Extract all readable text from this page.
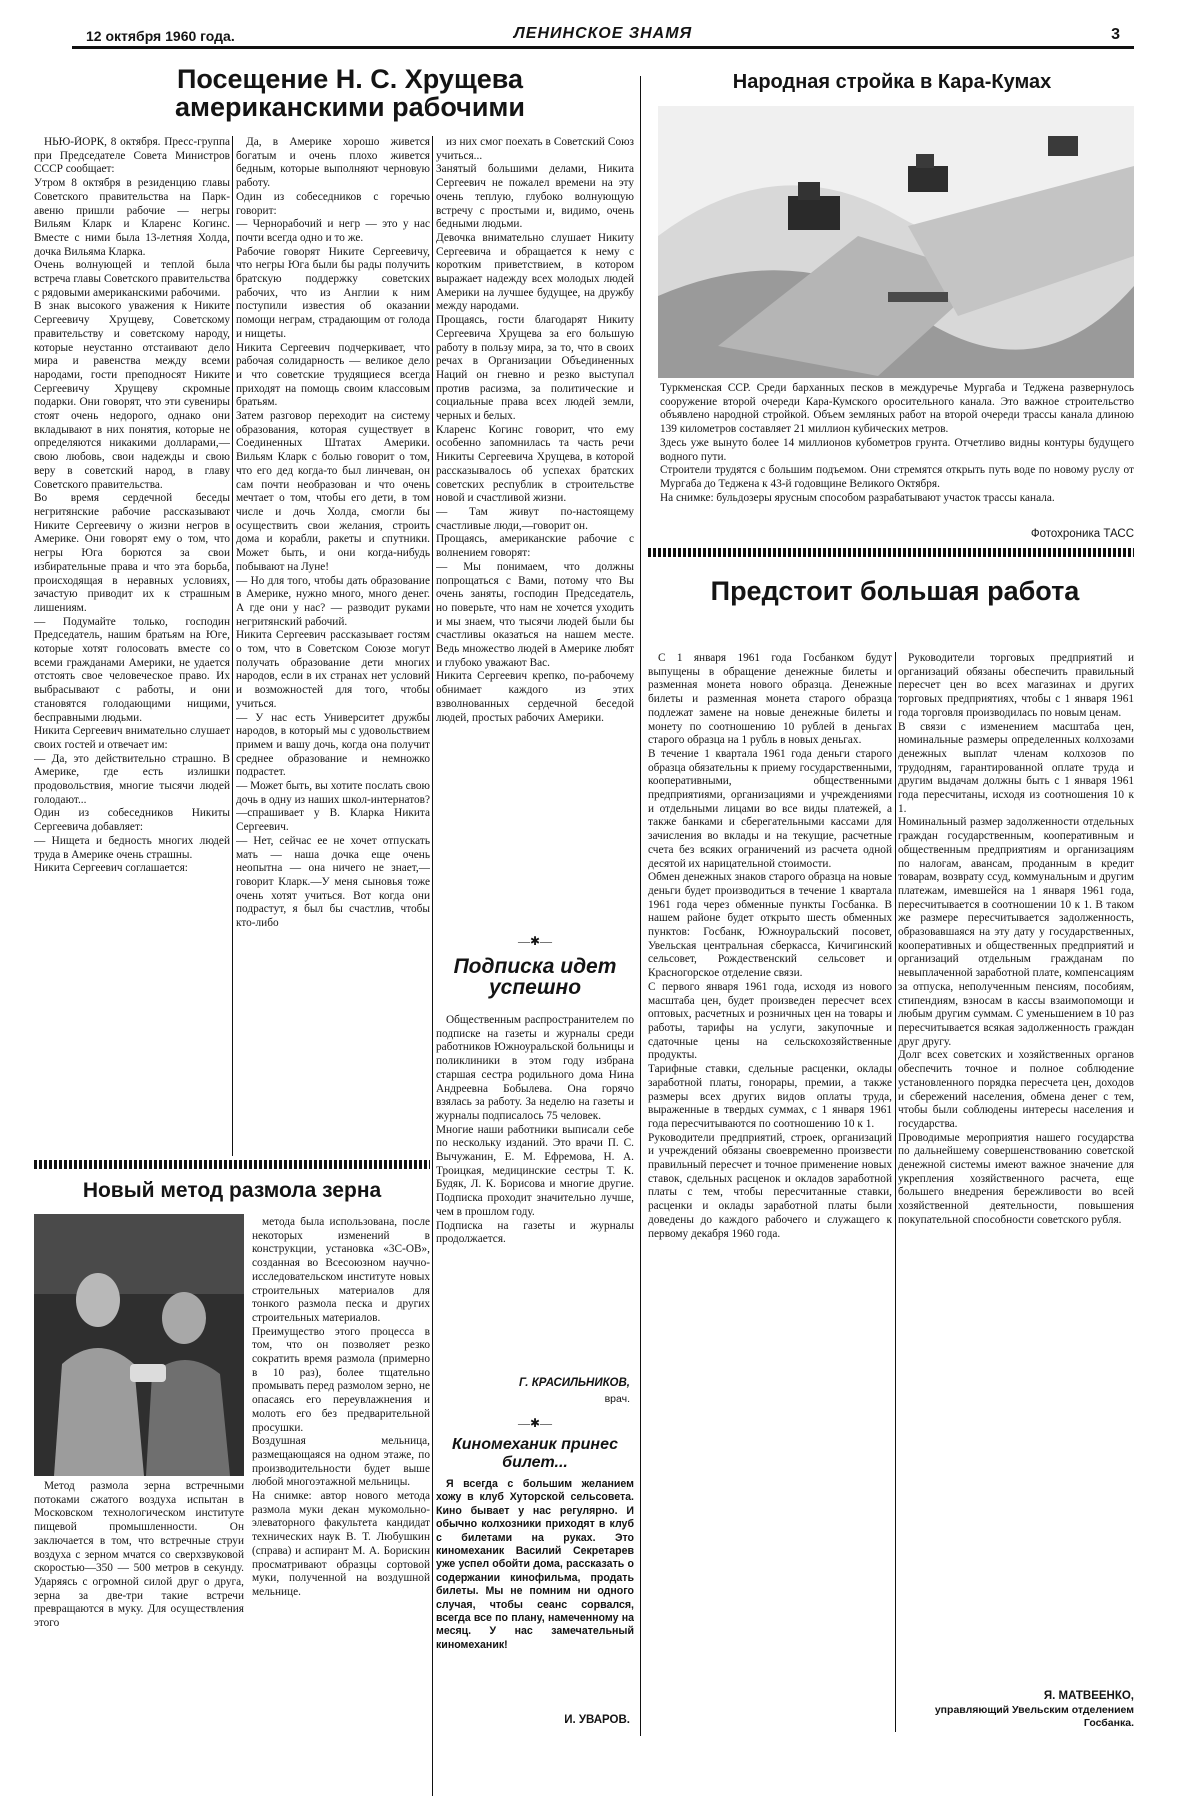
12 октября 1960 года.	ЛЕНИНСКОЕ ЗНАМЯ	3
Посещение Н. С. Хрущева американскими рабочими

НЬЮ-ЙОРК, 8 октября. Пресс-группа при Председателе Совета Министров СССР сообщает:
Утром 8 октября в резиденцию главы Советского правительства на Парк-авеню пришли рабочие — негры Вильям Кларк и Кларенс Когинс. Вместе с ними была 13-летняя Холда, дочка Вильяма Кларка.
Очень волнующей и теплой была встреча главы Советского правительства с рядовыми американскими рабочими.
В знак высокого уважения к Никите Сергеевичу Хрущеву, Советскому правительству и советскому народу, которые неустанно отстаивают дело мира и равенства между всеми народами, гости преподносят Никите Сергеевичу Хрущеву скромные подарки. Они говорят, что эти сувениры стоят очень недорого, однако они вкладывают в них понятия, которые не определяются никакими долларами,—свою любовь, свои надежды и свою веру в советский народ, в главу Советского правительства.
Во время сердечной беседы негритянские рабочие рассказывают Никите Сергеевичу о жизни негров в Америке. Они говорят ему о том, что негры Юга борются за свои избирательные права и что эта борьба, происходящая в неравных условиях, зачастую приводит их к страшным лишениям.
— Подумайте только, господин Председатель, нашим братьям на Юге, которые хотят голосовать вместе со всеми гражданами Америки, не удается отстоять свое человеческое право. Их выбрасывают с работы, и они становятся голодающими нищими, бесправными людьми.
Никита Сергеевич внимательно слушает своих гостей и отвечает им:
— Да, это действительно страшно. В Америке, где есть излишки продовольствия, многие тысячи людей голодают...
Один из собеседников Никиты Сергеевича добавляет:
— Нищета и бедность многих людей труда в Америке очень страшны.
Никита Сергеевич соглашается:

Да, в Америке хорошо живется богатым и очень плохо живется бедным, которые выполняют черновую работу.
Один из собеседников с горечью говорит:
— Чернорабочий и негр — это у нас почти всегда одно и то же.
Рабочие говорят Никите Сергеевичу, что негры Юга были бы рады получить братскую поддержку советских рабочих, что из Англии к ним поступили известия об оказании помощи неграм, страдающим от голода и нищеты.
Никита Сергеевич подчеркивает, что рабочая солидарность — великое дело и что советские трудящиеся всегда приходят на помощь своим классовым братьям.
Затем разговор переходит на систему образования, которая существует в Соединенных Штатах Америки. Вильям Кларк с болью говорит о том, что его дед когда-то был линчеван, он сам почти необразован и что очень мечтает о том, чтобы его дети, в том числе и дочь Холда, смогли бы осуществить свои желания, строить дома и корабли, ракеты и спутники. Может быть, и они когда-нибудь побывают на Луне!
— Но для того, чтобы дать образование в Америке, нужно много, много денег. А где они у нас? — разводит руками негритянский рабочий.
Никита Сергеевич рассказывает гостям о том, что в Советском Союзе могут получать образование дети многих народов, если в их странах нет условий и возможностей для того, чтобы учиться.
— У нас есть Университет дружбы народов, в который мы с удовольствием примем и вашу дочь, когда она получит среднее образование и немножко подрастет.
— Может быть, вы хотите послать свою дочь в одну из наших школ-интернатов?—спрашивает у В. Кларка Никита Сергеевич.
— Нет, сейчас ее не хочет отпускать мать — наша дочка еще очень неопытна — она ничего не знает,—говорит Кларк.—У меня сыновья тоже очень хотят учиться. Вот когда они подрастут, я был бы счастлив, чтобы кто-либо

из них смог поехать в Советский Союз учиться...
Занятый большими делами, Никита Сергеевич не пожалел времени на эту очень теплую, глубоко волнующую встречу с простыми и, видимо, очень бедными людьми.
Девочка внимательно слушает Никиту Сергеевича и обращается к нему с коротким приветствием, в котором выражает надежду всех молодых людей Америки на лучшее будущее, на дружбу между народами.
Прощаясь, гости благодарят Никиту Сергеевича Хрущева за его большую работу в пользу мира, за то, что в своих речах в Организации Объединенных Наций он гневно и резко выступал против расизма, за политические и социальные права всех людей земли, черных и белых.
Кларенс Когинс говорит, что ему особенно запомнилась та часть речи Никиты Сергеевича Хрущева, в которой рассказывалось об успехах братских советских республик в строительстве новой и счастливой жизни.
— Там живут по-настоящему счастливые люди,—говорит он.
Прощаясь, американские рабочие с волнением говорят:
— Мы понимаем, что должны попрощаться с Вами, потому что Вы очень заняты, господин Председатель, но поверьте, что нам не хочется уходить и мы знаем, что тысячи людей были бы счастливы оказаться на нашем месте. Ведь множество людей в Америке любят и глубоко уважают Вас.
Никита Сергеевич крепко, по-рабочему обнимает каждого из этих взволнованных сердечной беседой людей, простых рабочих Америки.

—✱—
Подписка идет успешно

Общественным распространителем по подписке на газеты и журналы среди работников Южноуральской больницы и поликлиники в этом году избрана старшая сестра родильного дома Нина Андреевна Бобылева. Она горячо взялась за работу. За неделю на газеты и журналы подписалось 75 человек.
Многие наши работники выписали себе по нескольку изданий. Это врачи П. С. Вычужанин, Е. М. Ефремова, Н. А. Троицкая, медицинские сестры Т. К. Будяк, Л. К. Борисова и многие другие. Подписка проходит значительно лучше, чем в прошлом году.
Подписка на газеты и журналы продолжается.

Г. КРАСИЛЬНИКОВ,
врач.
—✱—
Киномеханик принес билет...

Я всегда с большим желанием хожу в клуб Хуторской сельсовета. Кино бывает у нас регулярно. И обычно колхозники приходят в клуб с билетами на руках. Это киномеханик Василий Секретарев уже успел обойти дома, рассказать о содержании кинофильма, продать билеты. Мы не помним ни одного случая, чтобы сеанс сорвался, всегда все по плану, намеченному на месяц. У нас замечательный киномеханик!

И. УВАРОВ.
Народная стройка в Кара-Кумах

Туркменская ССР. Среди барханных песков в междуречье Мургаба и Теджена развернулось сооружение второй очереди Кара-Кумского оросительного канала. Это важное строительство объявлено народной стройкой. Объем земляных работ на второй очереди трассы канала длиною 139 километров составляет 21 миллион кубических метров.
Здесь уже вынуто более 14 миллионов кубометров грунта. Отчетливо видны контуры будущего водного пути.
Строители трудятся с большим подъемом. Они стремятся открыть путь воде по новому руслу от Мургаба до Теджена к 43-й годовщине Великого Октября.
На снимке: бульдозеры ярусным способом разрабатывают участок трассы канала.

Фотохроника ТАСС
Предстоит большая работа

С 1 января 1961 года Госбанком будут выпущены в обращение денежные билеты и разменная монета нового образца. Денежные билеты и разменная монета старого образца подлежат замене на новые денежные билеты и монету по соотношению 10 рублей в деньгах старого образца на 1 рубль в новых деньгах.
В течение 1 квартала 1961 года деньги старого образца обязательны к приему государственными, кооперативными, общественными предприятиями, организациями и учреждениями и отдельными лицами во все виды платежей, а также банками и сберегательными кассами для зачисления во вклады и на текущие, расчетные счета без всяких ограничений из расчета одной десятой их нарицательной стоимости.
Обмен денежных знаков старого образца на новые деньги будет производиться в течение 1 квартала 1961 года через обменные пункты Госбанка. В нашем районе будет открыто шесть обменных пунктов: Госбанк, Южноуральский посовет, Увельская центральная сберкасса, Кичигинский сельсовет, Рождественский сельсовет и Красногорское отделение связи.
С первого января 1961 года, исходя из нового масштаба цен, будет произведен пересчет всех оптовых, расчетных и розничных цен на товары и работы, тарифы на услуги, закупочные и сдаточные цены на сельскохозяйственные продукты.
Тарифные ставки, сдельные расценки, оклады заработной платы, гонорары, премии, а также размеры всех других видов оплаты труда, выраженные в твердых суммах, с 1 января 1961 года пересчитываются по соотношению 10 к 1.
Руководители предприятий, строек, организаций и учреждений обязаны своевременно произвести правильный пересчет и точное применение новых ставок, сдельных расценок и окладов заработной платы с тем, чтобы пересчитанные ставки, расценки и оклады заработной платы были доведены до каждого рабочего и служащего к первому декабря 1960 года.

Руководители торговых предприятий и организаций обязаны обеспечить правильный пересчет цен во всех магазинах и других торговых предприятиях, чтобы с 1 января 1961 года торговля производилась по новым ценам.
В связи с изменением масштаба цен, номинальные размеры определенных колхозами денежных выплат членам колхозов по трудодням, гарантированной оплате труда и другим выдачам должны быть с 1 января 1961 года пересчитаны, исходя из соотношения 10 к 1.
Номинальный размер задолженности отдельных граждан государственным, кооперативным и общественным предприятиям и организациям по налогам, авансам, проданным в кредит товарам, возврату ссуд, коммунальным и другим платежам, имевшейся на 1 января 1961 года, пересчитывается в соотношении 10 к 1. В таком же размере пересчитывается задолженность, образовавшаяся на эту дату у государственных, кооперативных и общественных предприятий и организаций отдельным гражданам по невыплаченной заработной плате, компенсациям за отпуска, неполученным пенсиям, пособиям, стипендиям, взносам в кассы взаимопомощи и любым другим суммам. С уменьшением в 10 раз пересчитывается всякая задолженность граждан друг другу.
Долг всех советских и хозяйственных органов обеспечить точное и полное соблюдение установленного порядка пересчета цен, доходов и сбережений населения, обмена денег с тем, чтобы были соблюдены интересы населения и государства.
Проводимые мероприятия нашего государства по дальнейшему совершенствованию советской денежной системы имеют важное значение для укрепления хозяйственного расчета, еще большего внедрения бережливости во всей хозяйственной деятельности, повышения покупательной способности советского рубля.

Я. МАТВЕЕНКО,
управляющий Увельским отделением Госбанка.
Новый метод размола зерна

Метод размола зерна встречными потоками сжатого воздуха испытан в Московском технологическом институте пищевой промышленности. Он заключается в том, что встречные струи воздуха с зерном мчатся со сверхзвуковой скоростью—350 — 500 метров в секунду. Ударяясь с огромной силой друг о друга, зерна за две-три такие встречи превращаются в муку. Для осуществления этого

метода была использована, после некоторых изменений в конструкции, установка «3С-ОВ», созданная во Всесоюзном научно-исследовательском институте новых строительных материалов для тонкого размола песка и других строительных материалов.
Преимущество этого процесса в том, что он позволяет резко сократить время размола (примерно в 10 раз), более тщательно промывать перед размолом зерно, не опасаясь его переувлажнения и молоть его без предварительной просушки.
Воздушная мельница, размещающаяся на одном этаже, по производительности будет выше любой многоэтажной мельницы.
На снимке: автор нового метода размола муки декан мукомольно-элеваторного факультета кандидат технических наук В. Т. Любушкин (справа) и аспирант М. А. Борискин просматривают образцы сортовой муки, полученной на воздушной мельнице.
